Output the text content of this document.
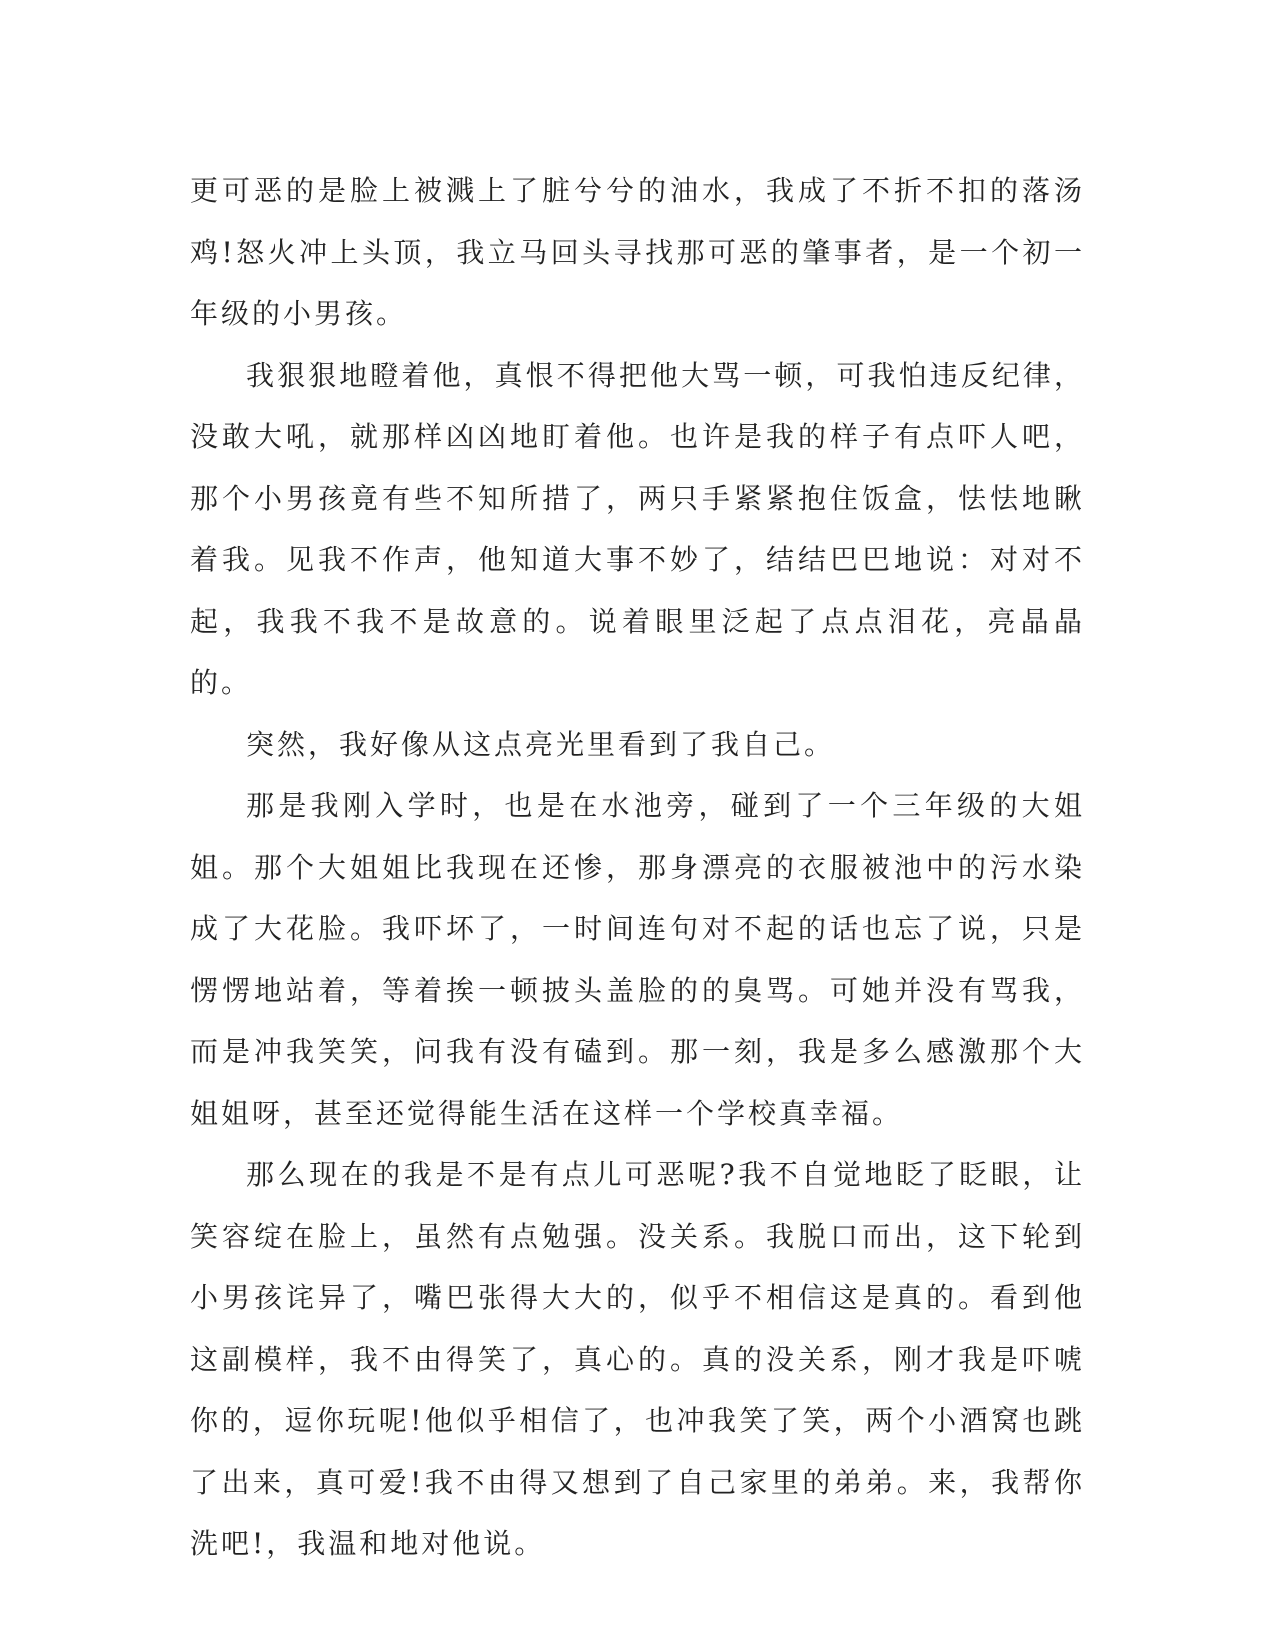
更可恶的是脸上被溅上了脏兮兮的油水，我成了不折不扣的落汤鸡!怒火冲上头顶，我立马回头寻找那可恶的肇事者，是一个初一年级的小男孩。

我狠狠地瞪着他，真恨不得把他大骂一顿，可我怕违反纪律，没敢大吼，就那样凶凶地盯着他。也许是我的样子有点吓人吧，那个小男孩竟有些不知所措了，两只手紧紧抱住饭盒，怯怯地瞅着我。见我不作声，他知道大事不妙了，结结巴巴地说：对对不起，我我不我不是故意的。说着眼里泛起了点点泪花，亮晶晶的。

突然，我好像从这点亮光里看到了我自己。

那是我刚入学时，也是在水池旁，碰到了一个三年级的大姐姐。那个大姐姐比我现在还惨，那身漂亮的衣服被池中的污水染成了大花脸。我吓坏了，一时间连句对不起的话也忘了说，只是愣愣地站着，等着挨一顿披头盖脸的的臭骂。可她并没有骂我，而是冲我笑笑，问我有没有磕到。那一刻，我是多么感激那个大姐姐呀，甚至还觉得能生活在这样一个学校真幸福。

那么现在的我是不是有点儿可恶呢?我不自觉地眨了眨眼，让笑容绽在脸上，虽然有点勉强。没关系。我脱口而出，这下轮到小男孩诧异了，嘴巴张得大大的，似乎不相信这是真的。看到他这副模样，我不由得笑了，真心的。真的没关系，刚才我是吓唬你的，逗你玩呢!他似乎相信了，也冲我笑了笑，两个小酒窝也跳了出来，真可爱!我不由得又想到了自己家里的弟弟。来，我帮你洗吧!，我温和地对他说。
